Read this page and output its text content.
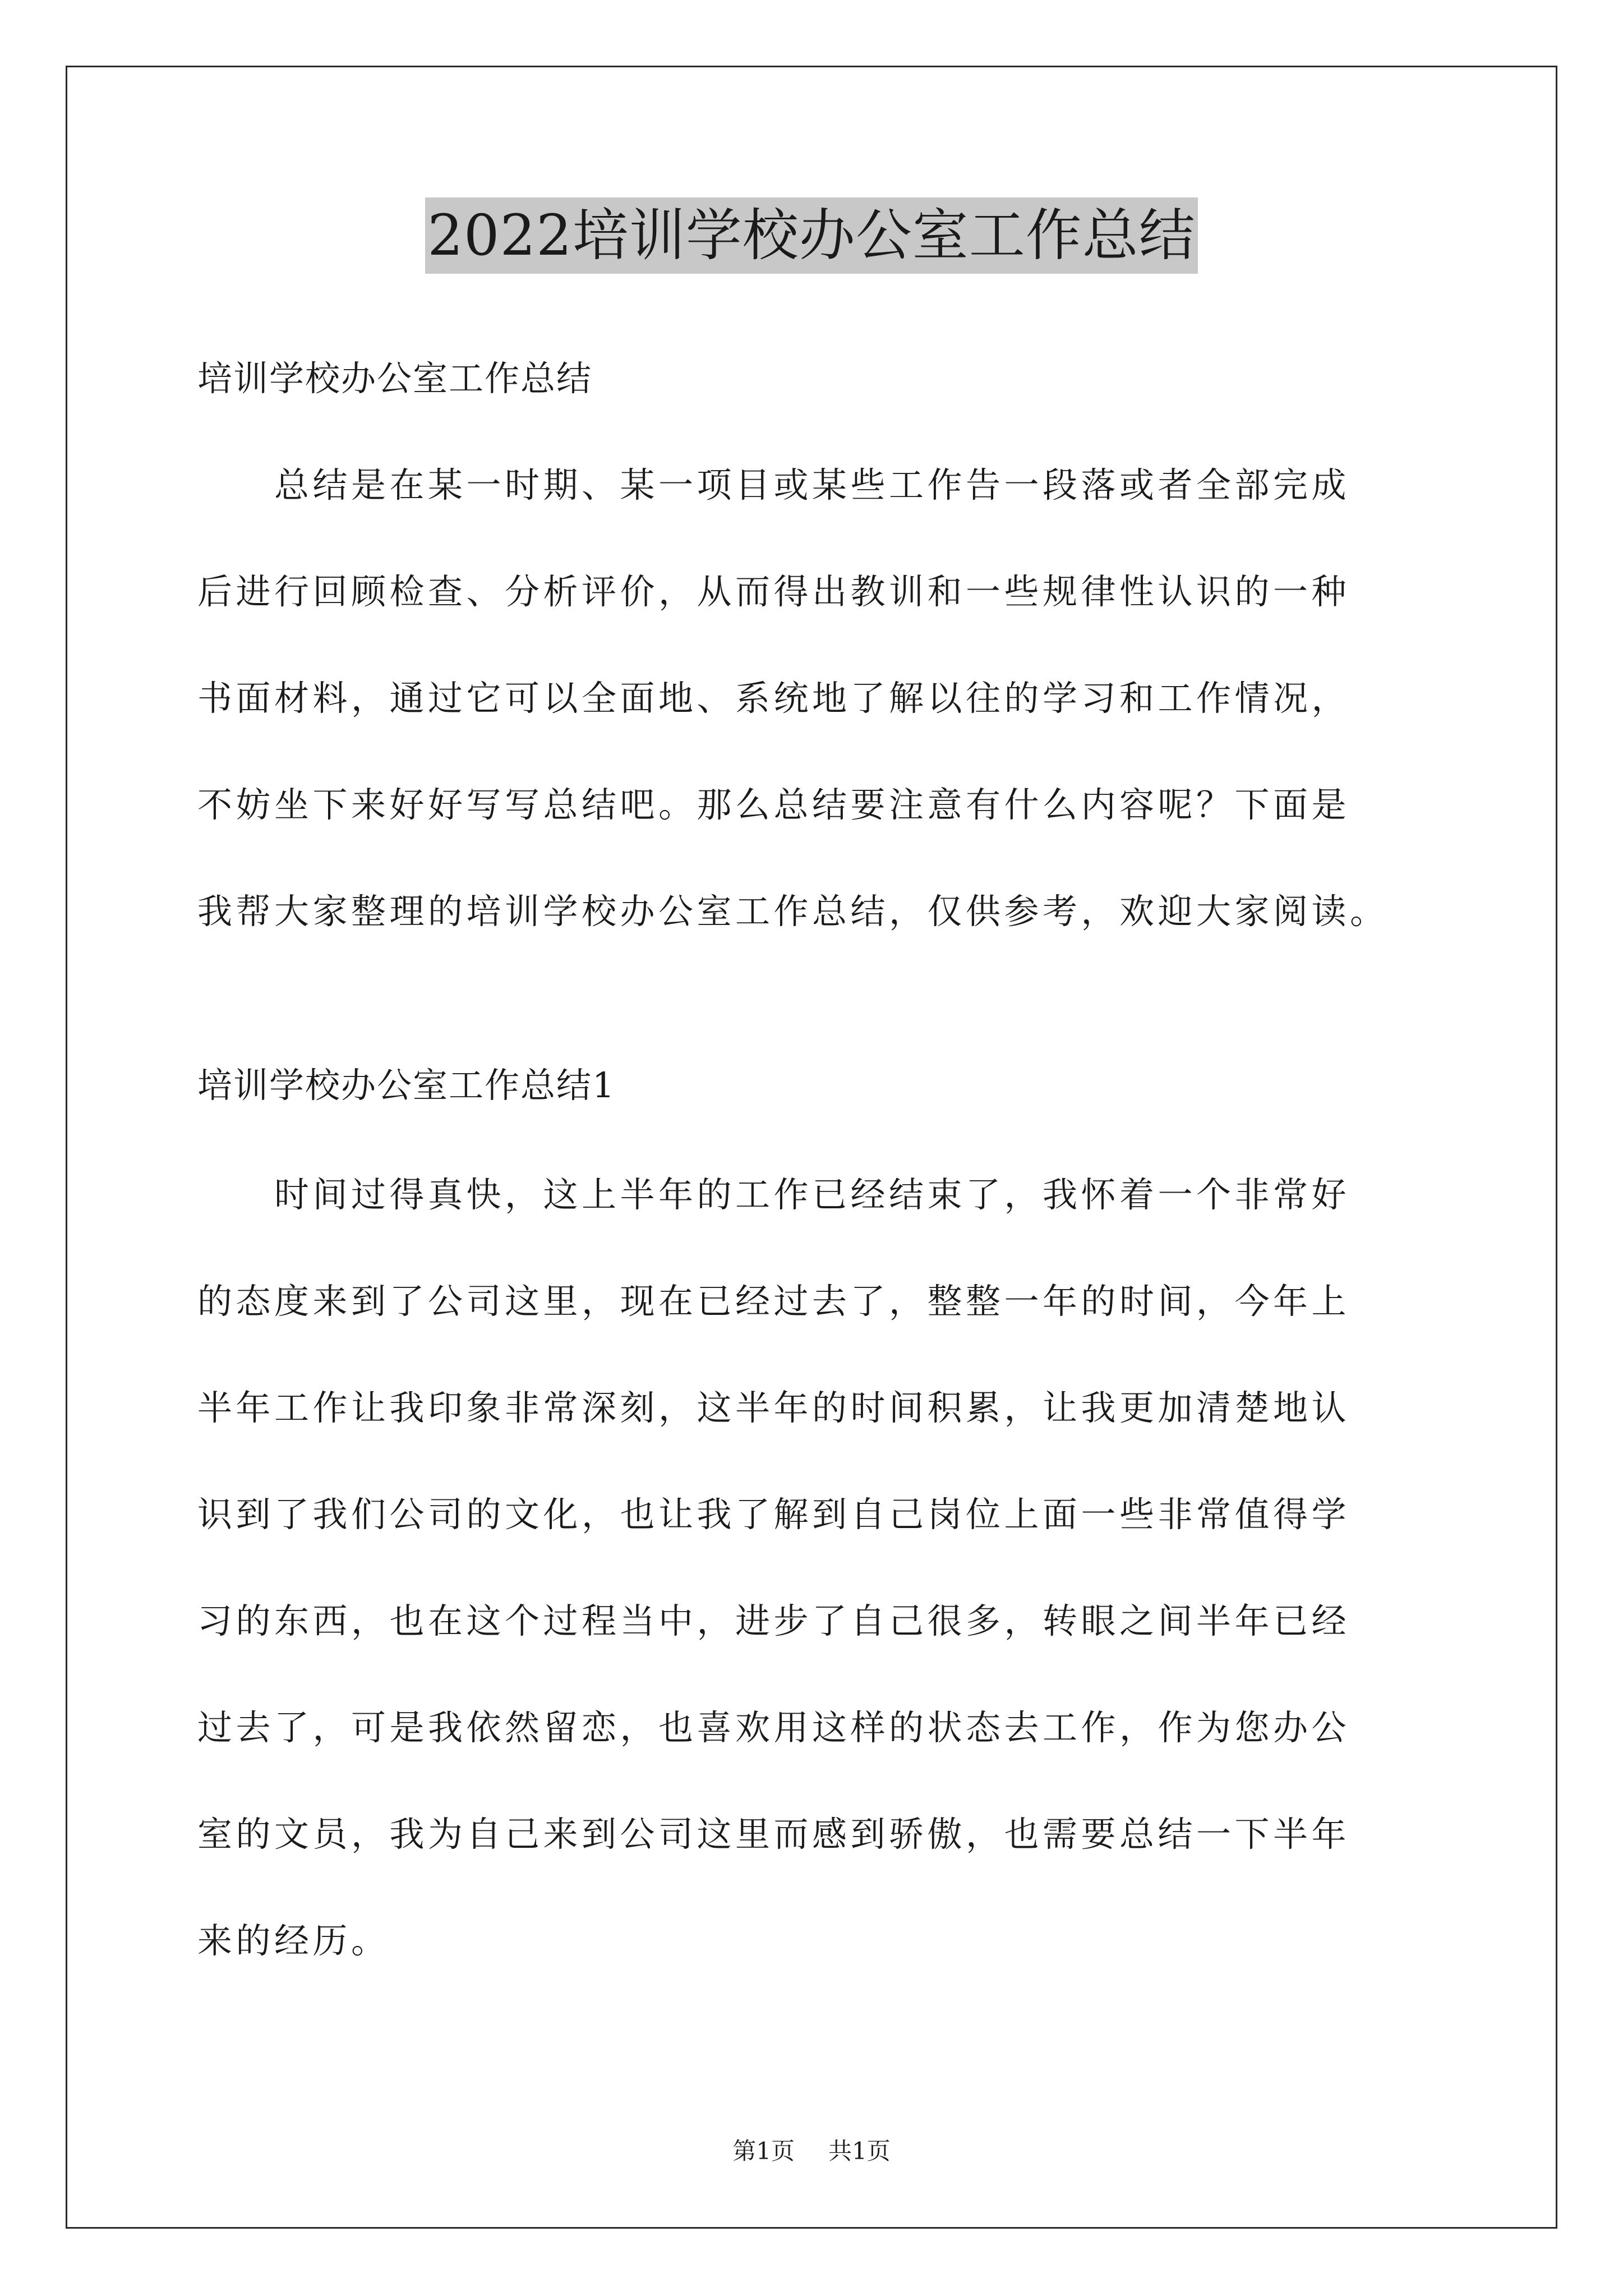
2022培训学校办公室工作总结
培训学校办公室工作总结
　　总结是在某一时期、某一项目或某些工作告一段落或者全部完成
后进行回顾检查、分析评价，从而得出教训和一些规律性认识的一种
书面材料，通过它可以全面地、系统地了解以往的学习和工作情况，
不妨坐下来好好写写总结吧。那么总结要注意有什么内容呢？下面是
我帮大家整理的培训学校办公室工作总结，仅供参考，欢迎大家阅读。
培训学校办公室工作总结1
　　时间过得真快，这上半年的工作已经结束了，我怀着一个非常好
的态度来到了公司这里，现在已经过去了，整整一年的时间，今年上
半年工作让我印象非常深刻，这半年的时间积累，让我更加清楚地认
识到了我们公司的文化，也让我了解到自己岗位上面一些非常值得学
习的东西，也在这个过程当中，进步了自己很多，转眼之间半年已经
过去了，可是我依然留恋，也喜欢用这样的状态去工作，作为您办公
室的文员，我为自己来到公司这里而感到骄傲，也需要总结一下半年
来的经历。
第1页 共1页
